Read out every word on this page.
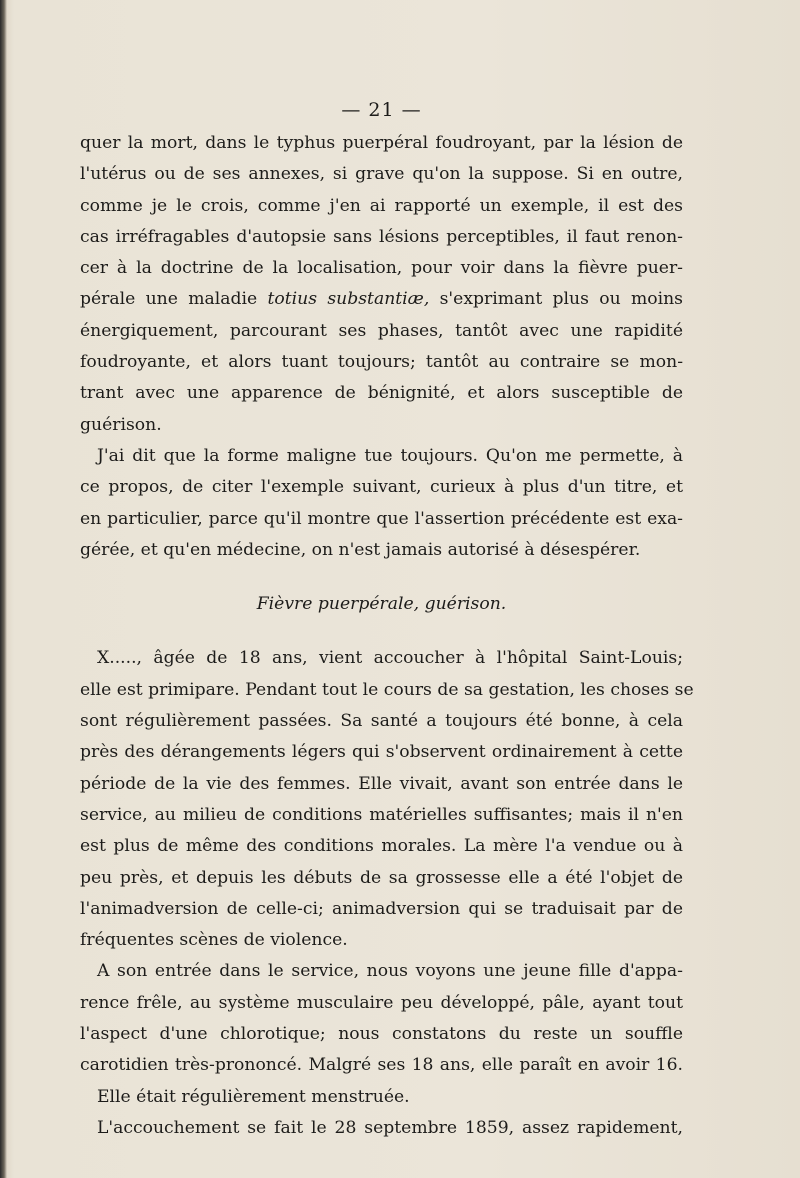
— 21 —
quer la mort, dans le typhus puerpéral foudroyant, par la lésion de
l'utérus ou de ses annexes, si grave qu'on la suppose. Si en outre,
comme je le crois, comme j'en ai rapporté un exemple, il est des
cas irréfragables d'autopsie sans lésions perceptibles, il faut renon-
cer à la doctrine de la localisation, pour voir dans la fièvre puer-
pérale une maladie totius substantiæ, s'exprimant plus ou moins
énergiquement, parcourant ses phases, tantôt avec une rapidité
foudroyante, et alors tuant toujours; tantôt au contraire se mon-
trant avec une apparence de bénignité, et alors susceptible de
guérison.
J'ai dit que la forme maligne tue toujours. Qu'on me permette, à
ce propos, de citer l'exemple suivant, curieux à plus d'un titre, et
en particulier, parce qu'il montre que l'assertion précédente est exa-
gérée, et qu'en médecine, on n'est jamais autorisé à désespérer.
Fièvre puerpérale, guérison.
X....., âgée de 18 ans, vient accoucher à l'hôpital Saint-Louis;
elle est primipare. Pendant tout le cours de sa gestation, les choses se
sont régulièrement passées. Sa santé a toujours été bonne, à cela
près des dérangements légers qui s'observent ordinairement à cette
période de la vie des femmes. Elle vivait, avant son entrée dans le
service, au milieu de conditions matérielles suffisantes; mais il n'en
est plus de même des conditions morales. La mère l'a vendue ou à
peu près, et depuis les débuts de sa grossesse elle a été l'objet de
l'animadversion de celle-ci; animadversion qui se traduisait par de
fréquentes scènes de violence.
A son entrée dans le service, nous voyons une jeune fille d'appa-
rence frêle, au système musculaire peu développé, pâle, ayant tout
l'aspect d'une chlorotique; nous constatons du reste un souffle
carotidien très-prononcé. Malgré ses 18 ans, elle paraît en avoir 16.
Elle était régulièrement menstruée.
L'accouchement se fait le 28 septembre 1859, assez rapidement,
